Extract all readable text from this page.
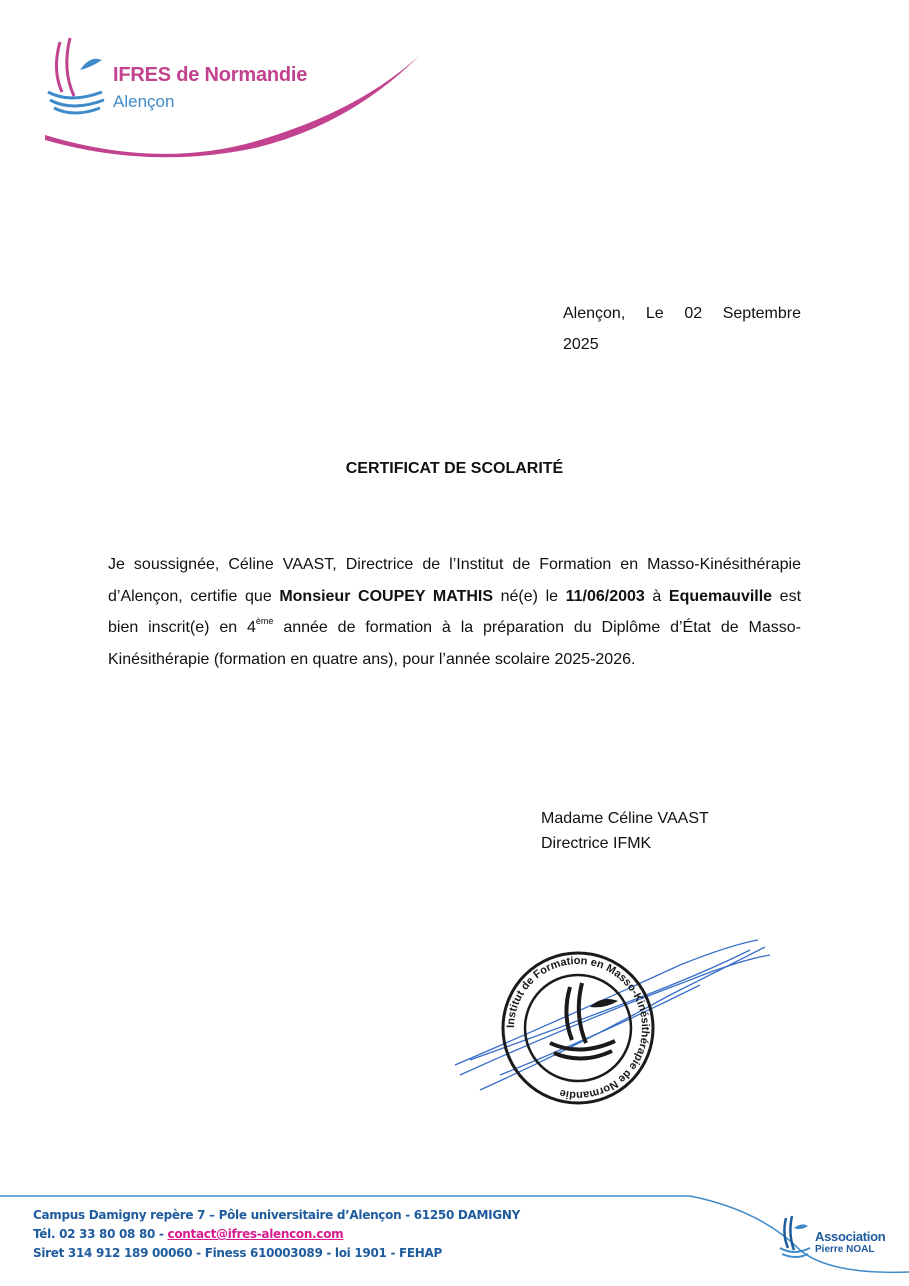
IFRES de Normandie
Alençon
Alençon, Le 02 Septembre
2025
CERTIFICAT DE SCOLARITÉ
Je soussignée, Céline VAAST, Directrice de l’Institut de Formation en Masso-Kinésithérapie d’Alençon, certifie que Monsieur COUPEY MATHIS né(e) le 11/06/2003 à Equemauville est bien inscrit(e) en 4ème année de formation à la préparation du Diplôme d’État de Masso-Kinésithérapie (formation en quatre ans), pour l’année scolaire 2025-2026.
Madame Céline VAAST
Directrice IFMK
Institut de Formation en Masso-Kinésithérapie de Normandie
Campus Damigny repère 7 – Pôle universitaire d’Alençon - 61250 DAMIGNY
Tél. 02 33 80 08 80 - contact@ifres-alencon.com
Siret 314 912 189 00060 - Finess 610003089 - loi 1901 - FEHAP
Association
Pierre NOAL
